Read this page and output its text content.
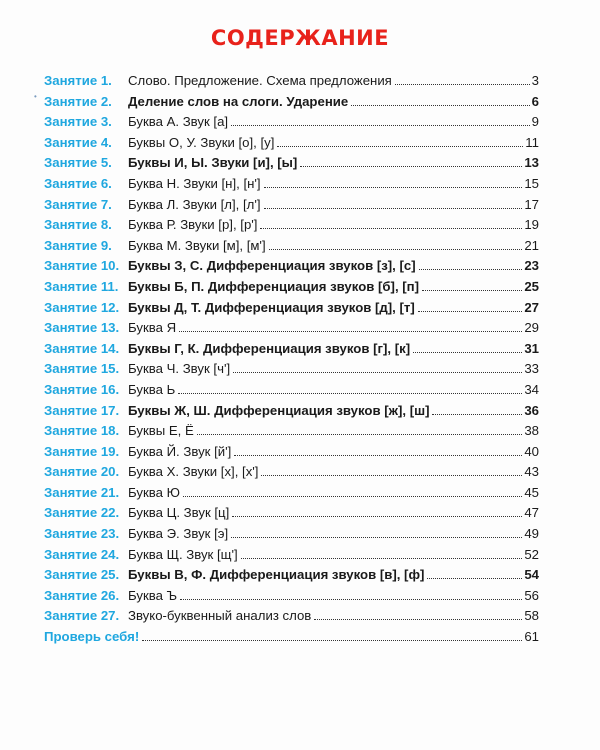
СОДЕРЖАНИЕ
•
Занятие 1.	Слово. Предложение. Схема предложения	3
Занятие 2.	Деление слов на слоги. Ударение	6
Занятие 3.	Буква А. Звук [а]	9
Занятие 4.	Буквы О, У. Звуки [о], [у]	11
Занятие 5.	Буквы И, Ы. Звуки [и], [ы]	13
Занятие 6.	Буква Н. Звуки [н], [н']	15
Занятие 7.	Буква Л. Звуки [л], [л']	17
Занятие 8.	Буква Р. Звуки [р], [р']	19
Занятие 9.	Буква М. Звуки [м], [м']	21
Занятие 10. Буквы З, С. Дифференциация звуков [з], [с]	23
Занятие 11. Буквы Б, П. Дифференциация звуков [б], [п]	25
Занятие 12. Буквы Д, Т. Дифференциация звуков [д], [т]	27
Занятие 13. Буква Я	29
Занятие 14. Буквы Г, К. Дифференциация звуков [г], [к]	31
Занятие 15. Буква Ч. Звук [ч']	33
Занятие 16. Буква Ь	34
Занятие 17. Буквы Ж, Ш. Дифференциация звуков [ж], [ш]	36
Занятие 18. Буквы Е, Ё	38
Занятие 19. Буква Й. Звук [й']	40
Занятие 20. Буква Х. Звуки [х], [х']	43
Занятие 21. Буква Ю	45
Занятие 22. Буква Ц. Звук [ц]	47
Занятие 23. Буква Э. Звук [э]	49
Занятие 24. Буква Щ. Звук [щ']	52
Занятие 25. Буквы В, Ф. Дифференциация звуков [в], [ф]	54
Занятие 26. Буква Ъ	56
Занятие 27. Звуко-буквенный анализ слов	58
Проверь себя!	61
